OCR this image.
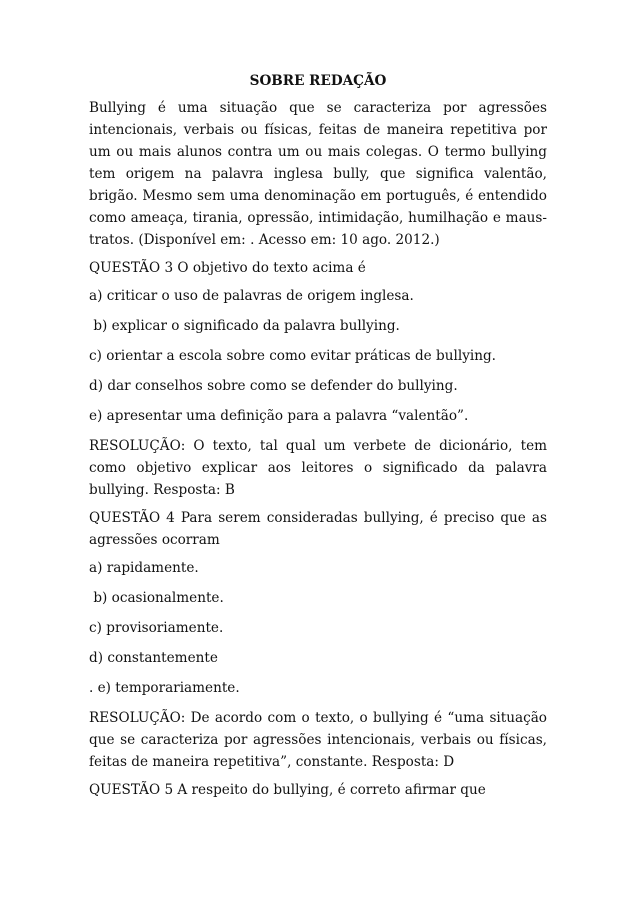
SOBRE REDAÇÃO
Bullying é uma situação que se caracteriza por agressões intencionais, verbais ou físicas, feitas de maneira repetitiva por um ou mais alunos contra um ou mais colegas. O termo bullying tem origem na palavra inglesa bully, que significa valentão, brigão. Mesmo sem uma denominação em português, é entendido como ameaça, tirania, opressão, intimidação, humilhação e maus-tratos. (Disponível em: . Acesso em: 10 ago. 2012.)
QUESTÃO 3 O objetivo do texto acima é
a) criticar o uso de palavras de origem inglesa.
b) explicar o significado da palavra bullying.
c) orientar a escola sobre como evitar práticas de bullying.
d) dar conselhos sobre como se defender do bullying.
e) apresentar uma definição para a palavra “valentão”.
RESOLUÇÃO: O texto, tal qual um verbete de dicionário, tem como objetivo explicar aos leitores o significado da palavra bullying. Resposta: B
QUESTÃO 4 Para serem consideradas bullying, é preciso que as agressões ocorram
a) rapidamente.
b) ocasionalmente.
c) provisoriamente.
d) constantemente
. e) temporariamente.
RESOLUÇÃO: De acordo com o texto, o bullying é “uma situação que se caracteriza por agressões intencionais, verbais ou físicas, feitas de maneira repetitiva”, constante. Resposta: D
QUESTÃO 5 A respeito do bullying, é correto afirmar que
